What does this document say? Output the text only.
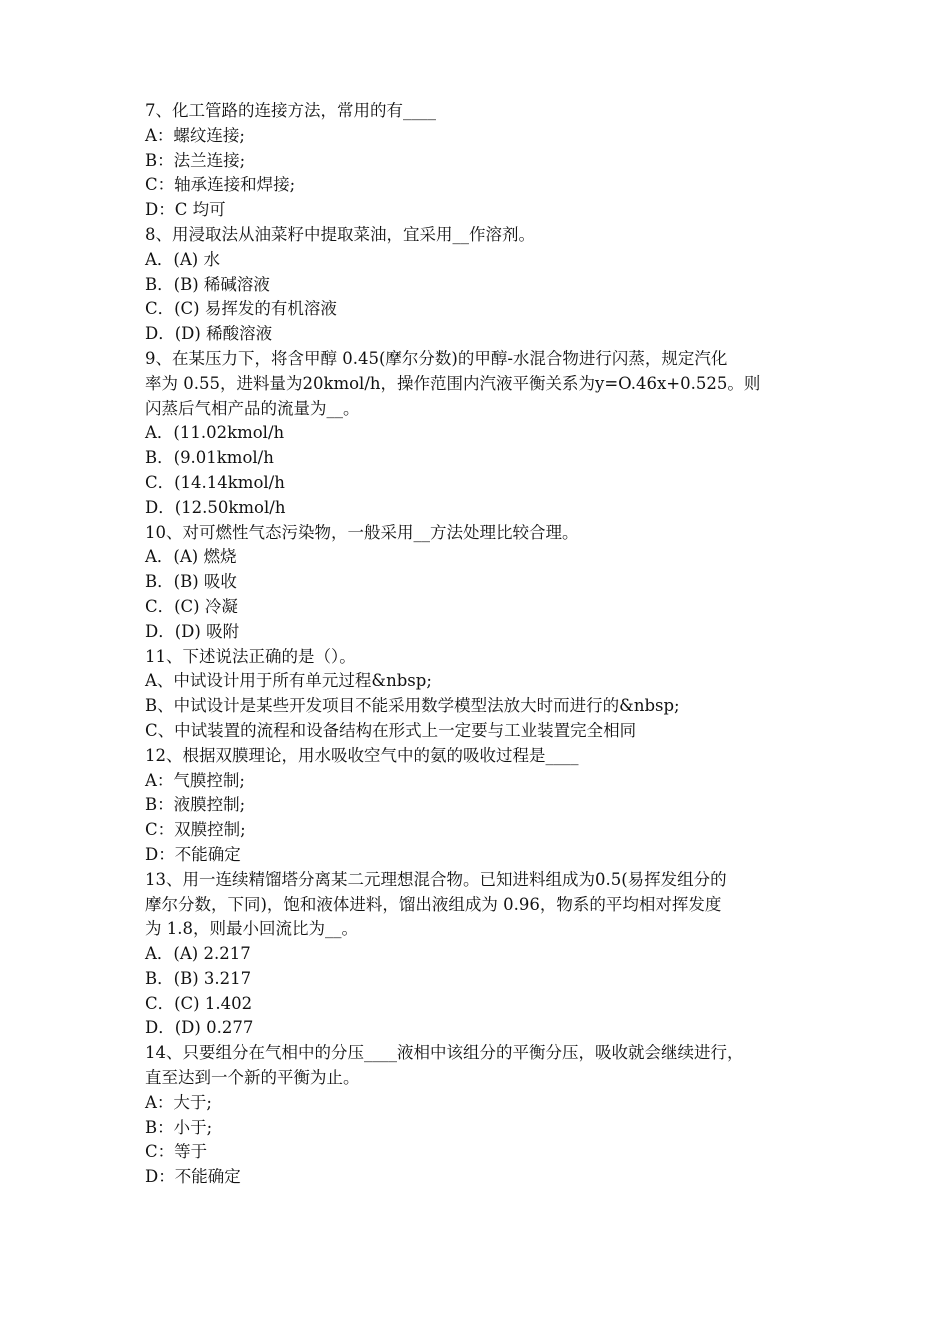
7、化工管路的连接方法，常用的有____
A：螺纹连接;
B：法兰连接;
C：轴承连接和焊接;
D：C 均可
8、用浸取法从油菜籽中提取菜油，宜采用__作溶剂。
A．(A) 水
B．(B) 稀碱溶液
C．(C) 易挥发的有机溶液
D．(D) 稀酸溶液
9、在某压力下，将含甲醇 0.45(摩尔分数)的甲醇-水混合物进行闪蒸，规定汽化
率为 0.55，进料量为20kmol/h，操作范围内汽液平衡关系为y=O.46x+0.525。则
闪蒸后气相产品的流量为__。
A．(11.02kmol/h
B．(9.01kmol/h
C．(14.14kmol/h
D．(12.50kmol/h
10、对可燃性气态污染物，一般采用__方法处理比较合理。
A．(A) 燃烧
B．(B) 吸收
C．(C) 冷凝
D．(D) 吸附
11、下述说法正确的是（）。
A、中试设计用于所有单元过程&nbsp;
B、中试设计是某些开发项目不能采用数学模型法放大时而进行的&nbsp;
C、中试装置的流程和设备结构在形式上一定要与工业装置完全相同
12、根据双膜理论，用水吸收空气中的氨的吸收过程是____
A：气膜控制;
B：液膜控制;
C：双膜控制;
D：不能确定
13、用一连续精馏塔分离某二元理想混合物。已知进料组成为0.5(易挥发组分的
摩尔分数，下同)，饱和液体进料，馏出液组成为 0.96，物系的平均相对挥发度
为 1.8，则最小回流比为__。
A．(A) 2.217
B．(B) 3.217
C．(C) 1.402
D．(D) 0.277
14、只要组分在气相中的分压____液相中该组分的平衡分压，吸收就会继续进行，
直至达到一个新的平衡为止。
A：大于;
B：小于;
C：等于
D：不能确定
